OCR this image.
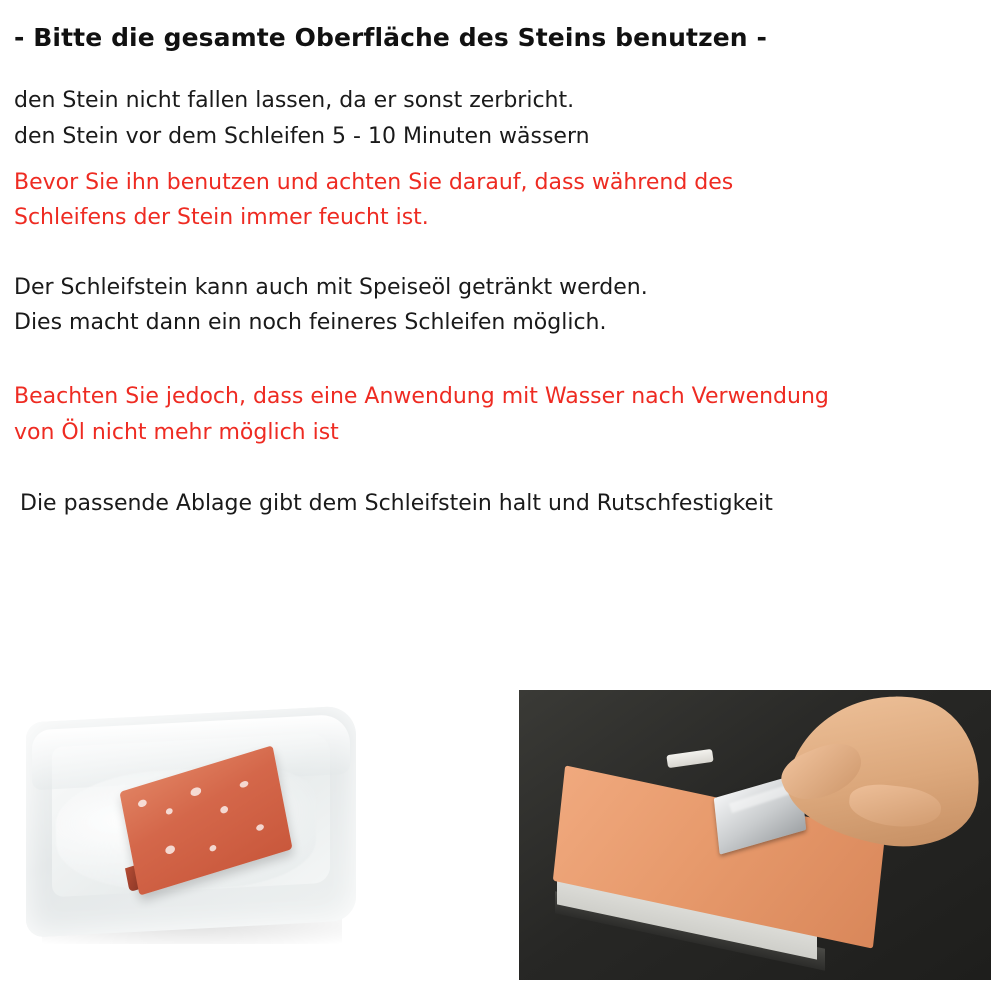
- Bitte die gesamte Oberfläche des Steins benutzen -
den Stein nicht fallen lassen, da er sonst zerbricht.
den Stein vor dem Schleifen 5 - 10 Minuten wässern
Bevor Sie ihn benutzen und achten Sie darauf, dass während des
Schleifens der Stein immer feucht ist.
Der Schleifstein kann auch mit Speiseöl getränkt werden.
Dies macht dann ein noch feineres Schleifen möglich.
Beachten Sie jedoch, dass eine Anwendung mit Wasser nach Verwendung
von Öl nicht mehr möglich ist
Die passende Ablage gibt dem Schleifstein halt und Rutschfestigkeit
